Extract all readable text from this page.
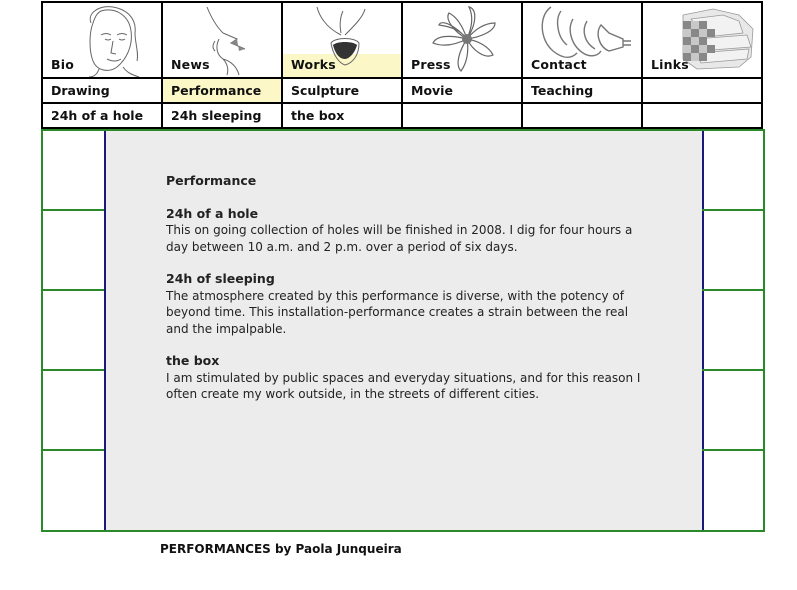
Bio	News	Works	Press	Contact	Links

Drawing	Performance	Sculpture	Movie	Teaching	

24h of a hole	24h sleeping	the box			

Performance
24h of a hole

This on going collection of holes will be finished in 2008. I dig for four hours a day between 10 a.m. and 2 p.m. over a period of six days.

24h of sleeping

The atmosphere created by this performance is diverse, with the potency of beyond time. This installation-performance creates a strain between the real and the impalpable.

the box

I am stimulated by public spaces and everyday situations, and for this reason I often create my work outside, in the streets of different cities.

PERFORMANCES by Paola Junqueira
